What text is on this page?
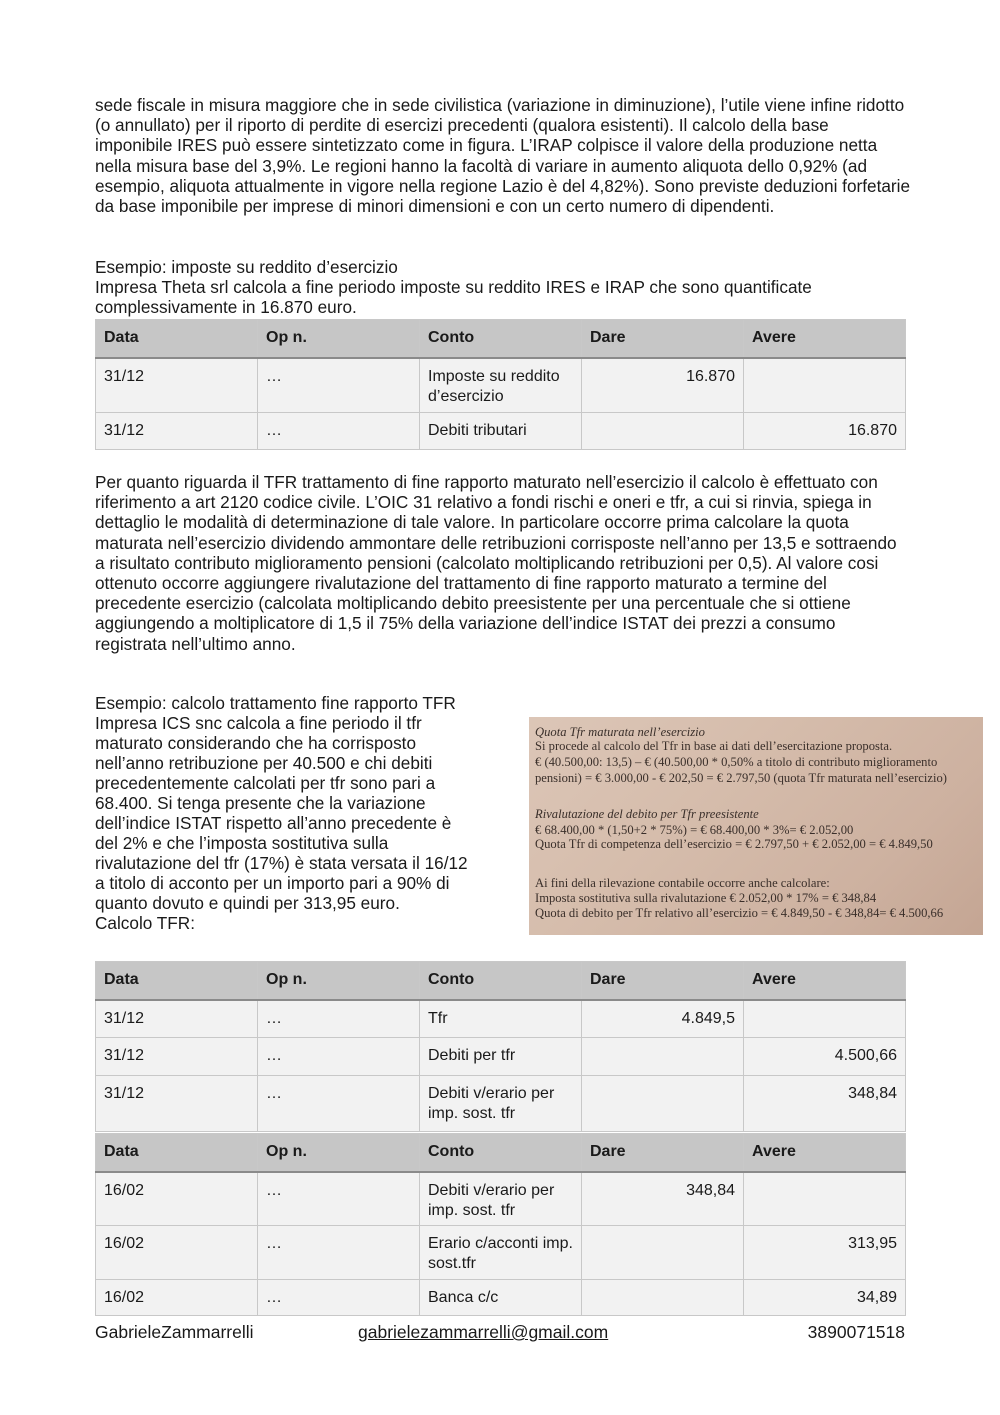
sede fiscale in misura maggiore che in sede civilistica (variazione in diminuzione), l’utile viene infine ridotto (o annullato) per il riporto di perdite di esercizi precedenti (qualora esistenti). Il calcolo della base imponibile IRES può essere sintetizzato come in figura. L’IRAP colpisce il valore della produzione netta nella misura base del 3,9%. Le regioni hanno la facoltà di variare in aumento aliquota dello 0,92% (ad esempio, aliquota attualmente in vigore nella regione Lazio è del 4,82%). Sono previste deduzioni forfetarie da base imponibile per imprese di minori dimensioni e con un certo numero di dipendenti.

Esempio: imposte su reddito d’esercizio

Impresa Theta srl calcola a fine periodo imposte su reddito IRES e IRAP che sono quantificate complessivamente in 16.870 euro.

Data	Op n.	Conto	Dare	Avere
31/12	…	Imposte su reddito d’esercizio	16.870	
31/12	…	Debiti tributari		16.870

Per quanto riguarda il TFR trattamento di fine rapporto maturato nell’esercizio il calcolo è effettuato con riferimento a art 2120 codice civile. L’OIC 31 relativo a fondi rischi e oneri e tfr, a cui si rinvia, spiega in dettaglio le modalità di determinazione di tale valore. In particolare occorre prima calcolare la quota maturata nell’esercizio dividendo ammontare delle retribuzioni corrisposte nell’anno per 13,5 e sottraendo a risultato contributo miglioramento pensioni (calcolato moltiplicando retribuzioni per 0,5). Al valore cosi ottenuto occorre aggiungere rivalutazione del trattamento di fine rapporto maturato a termine del precedente esercizio (calcolata moltiplicando debito preesistente per una percentuale che si ottiene aggiungendo a moltiplicatore di 1,5 il 75% della variazione dell’indice ISTAT dei prezzi a consumo registrata nell’ultimo anno.

Esempio: calcolo trattamento fine rapporto TFR

Impresa ICS snc calcola a fine periodo il tfr

maturato considerando che ha corrisposto

nell’anno retribuzione per 40.500 e chi debiti

precedentemente calcolati per tfr sono pari a

68.400. Si tenga presente che la variazione

dell’indice ISTAT rispetto all’anno precedente è

del 2% e che l’imposta sostitutiva sulla

rivalutazione del tfr (17%) è stata versata il 16/12

a titolo di acconto per un importo pari a 90% di

quanto dovuto e quindi per 313,95 euro.

Calcolo TFR:

Quota Tfr maturata nell’esercizio
Si procede al calcolo del Tfr in base ai dati dell’esercitazione proposta.
€ (40.500,00: 13,5) – € (40.500,00 * 0,50% a titolo di contributo miglioramento
pensioni) = € 3.000,00 - € 202,50 = € 2.797,50 (quota Tfr maturata nell’esercizio)
Rivalutazione del debito per Tfr preesistente
€ 68.400,00 * (1,50+2 * 75%) = € 68.400,00 * 3%= € 2.052,00
Quota Tfr di competenza dell’esercizio = € 2.797,50 + € 2.052,00 = € 4.849,50
Ai fini della rilevazione contabile occorre anche calcolare:
Imposta sostitutiva sulla rivalutazione € 2.052,00 * 17% = € 348,84
Quota di debito per Tfr relativo all’esercizio = € 4.849,50 - € 348,84= € 4.500,66
Data	Op n.	Conto	Dare	Avere
31/12	…	Tfr	4.849,5	
31/12	…	Debiti per tfr		4.500,66
31/12	…	Debiti v/erario per imp. sost. tfr		348,84
Data	Op n.	Conto	Dare	Avere
16/02	…	Debiti v/erario per imp. sost. tfr	348,84	
16/02	…	Erario c/acconti imp. sost.tfr		313,95
16/02	…	Banca c/c		34,89
GabrieleZammarrelli	gabrielezammarrelli@gmail.com	3890071518
